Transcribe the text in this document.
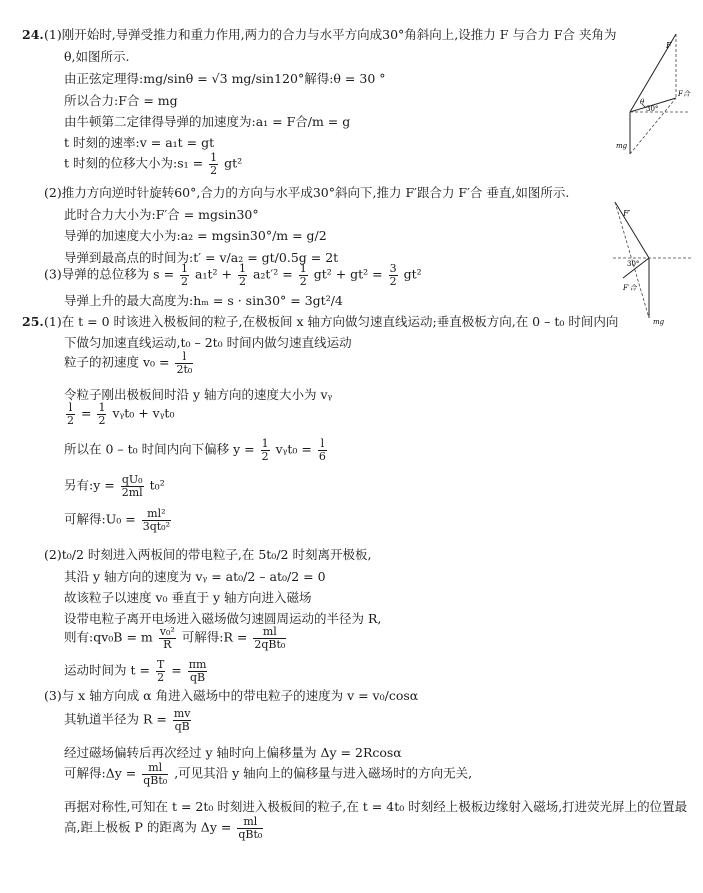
24. (1)刚开始时,导弹受推力和重力作用,两力的合力与水平方向成30°角斜向上,设推力 F 与合力 F合 夹角为
θ,如图所示.
由正弦定理得:mg/sinθ = √3 mg/sin120°解得:θ = 30 °
所以合力:F合 = mg
由牛顿第二定律得导弹的加速度为:a₁ = F合/m = g
t 时刻的速率:v = a₁t = gt
t 时刻的位移大小为:s₁ = $\frac{1}{2} gt^2$
(2)推力方向逆时针旋转60°,合力的方向与水平成30°斜向下,推力 F′跟合力 F′合 垂直,如图所示.
此时合力大小为:F′合 = mgsin30°
导弹的加速度大小为:a₂ = mgsin30°/m = g/2
导弹到最高点的时间为:t′ = v/a₂ = gt/0.5g = 2t
(3)导弹的总位移为 $s = \frac{1}{2} a_1t^2 + \frac{1}{2} a_2t'^2 = \frac{1}{2} gt^2 + gt^2 = \frac{3}{2} gt^2$
导弹上升的最大高度为:hₘ = s · sin30° = 3gt²/4
F
F合
θ
30°
mg
F′
30°
F′合
mg
25. (1)在 t = 0 时该进入极板间的粒子,在极板间 x 轴方向做匀速直线运动;垂直极板方向,在 0 – t₀ 时间内向
下做匀加速直线运动,t₀ – 2t₀ 时间内做匀速直线运动
粒子的初速度 $v_0 = \frac{l}{\text{2t₀}}$
令粒子刚出极板间时沿 y 轴方向的速度大小为 vᵧ
$\frac{l}{2} = \frac{1}{2}$ vᵧt₀ + vᵧt₀
所以在 0 – t₀ 时间内向下偏移 $y = \frac{1}{2}$ vᵧt₀ = $\frac{l}{6}$
另有:y = $\frac{\text{qU₀}}{2ml} t_0^2$
可解得:U₀ = $\frac{\text{ml²}}{\text{3qt₀²}}$
(2)t₀/2 时刻进入两板间的带电粒子,在 5t₀/2 时刻离开极板,
其沿 y 轴方向的速度为 vᵧ = at₀/2 – at₀/2 = 0
故该粒子以速度 v₀ 垂直于 y 轴方向进入磁场
设带电粒子离开电场进入磁场做匀速圆周运动的半径为 R,
则有:qv₀B = m $\frac{\text{v₀²}}{R}$ 可解得:R = $\frac{ml}{\text{2qBt₀}}$
运动时间为 $t = \frac{T}{2} = \frac{\pi m}{qB}$
(3)与 x 轴方向成 α 角进入磁场中的带电粒子的速度为 v = v₀/cosα
其轨道半径为 $R = \frac{mv}{qB}$
经过磁场偏转后再次经过 y 轴时向上偏移量为 Δy = 2Rcosα
可解得:Δy = $\frac{ml}{\text{qBt₀}}$ ,可见其沿 y 轴向上的偏移量与进入磁场时的方向无关,
再据对称性,可知在 t = 2t₀ 时刻进入极板间的粒子,在 t = 4t₀ 时刻经上极板边缘射入磁场,打进荧光屏上的位置最
高,距上极板 P 的距离为 $\Delta y = \frac{ml}{\text{qBt₀}}$
